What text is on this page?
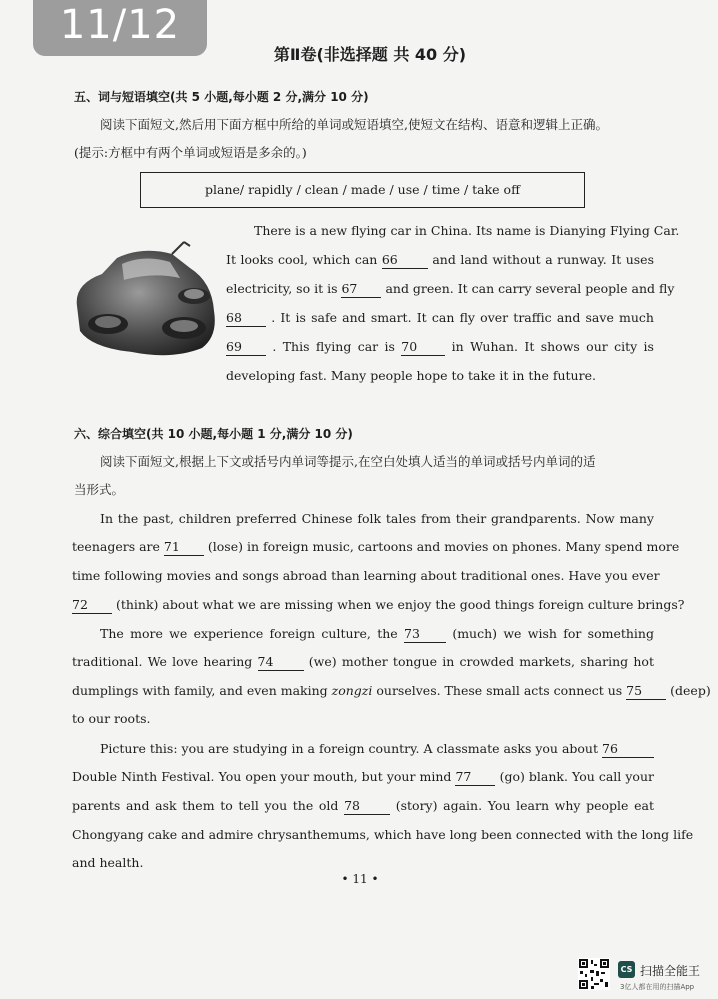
11/12
第Ⅱ卷(非选择题 共 40 分)
五、词与短语填空(共 5 小题,每小题 2 分,满分 10 分)
阅读下面短文,然后用下面方框中所给的单词或短语填空,使短文在结构、语意和逻辑上正确。
(提示:方框中有两个单词或短语是多余的。)
plane/ rapidly / clean / made / use / time / take off
There is a new flying car in China. Its name is Dianying Flying Car.
It looks cool, which can 66	and land without a runway. It uses
electricity, so it is 67 and green. It can carry several people and fly
68 . It is safe and smart. It can fly over traffic and save much
69 . This flying car is 70	in Wuhan. It shows our city is
developing fast. Many people hope to take it in the future.
六、综合填空(共 10 小题,每小题 1 分,满分 10 分)
阅读下面短文,根据上下文或括号内单词等提示,在空白处填人适当的单词或括号内单词的适
当形式。
In the past, children preferred Chinese folk tales from their grandparents. Now many
teenagers are 71 (lose) in foreign music, cartoons and movies on phones. Many spend more
time following movies and songs abroad than learning about traditional ones. Have you ever
72 (think) about what we are missing when we enjoy the good things foreign culture brings?
The more we experience foreign culture, the 73	(much) we wish for something
traditional. We love hearing 74	(we) mother tongue in crowded markets, sharing hot
dumplings with family, and even making zongzi ourselves. These small acts connect us 75 (deep)
to our roots.
Picture this: you are studying in a foreign country. A classmate asks you about 76
Double Ninth Festival. You open your mouth, but your mind 77 (go) blank. You call your
parents and ask them to tell you the old 78	(story) again. You learn why people eat
Chongyang cake and admire chrysanthemums, which have long been connected with the long life
and health.
• 11 •
CS 扫描全能王
3亿人都在用的扫描App
